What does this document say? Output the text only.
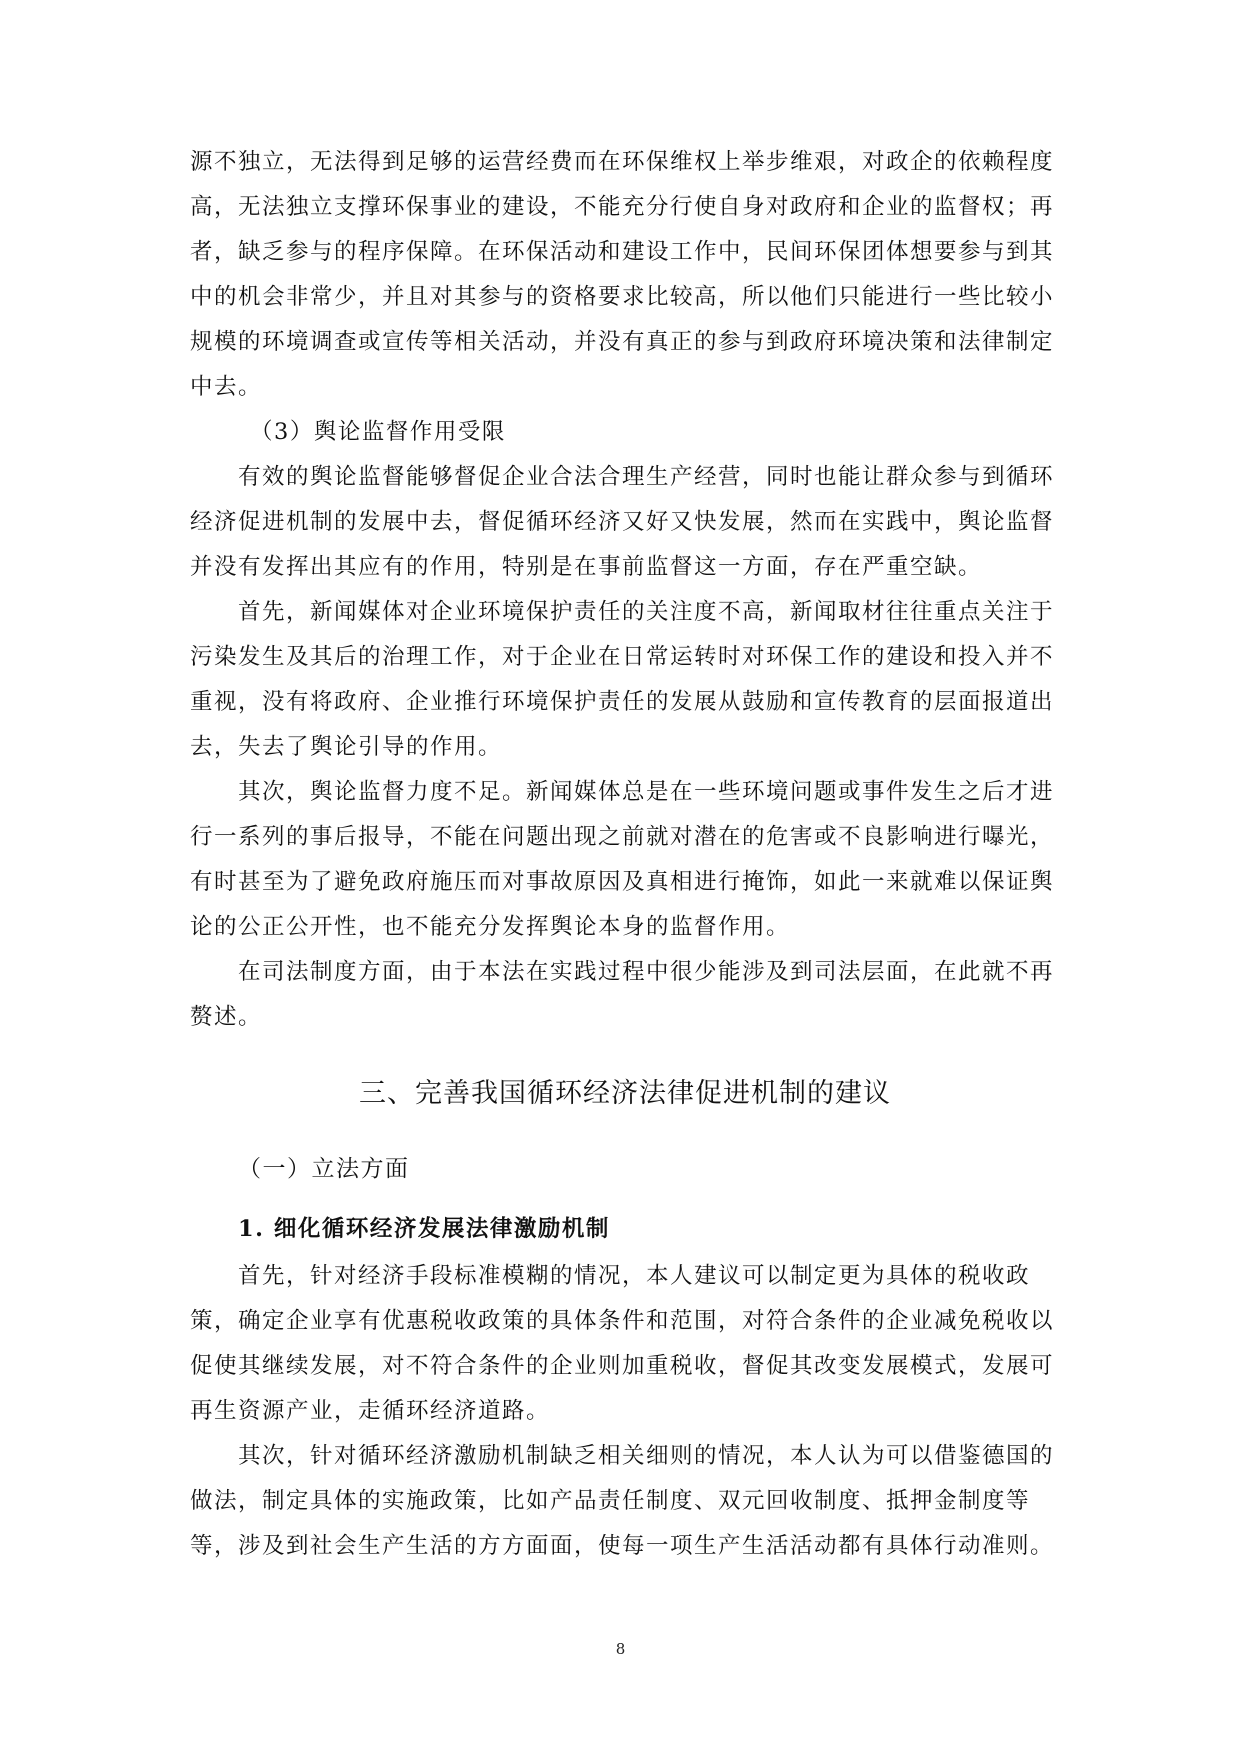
源不独立，无法得到足够的运营经费而在环保维权上举步维艰，对政企的依赖程度高，无法独立支撑环保事业的建设，不能充分行使自身对政府和企业的监督权；再者，缺乏参与的程序保障。在环保活动和建设工作中，民间环保团体想要参与到其中的机会非常少，并且对其参与的资格要求比较高，所以他们只能进行一些比较小规模的环境调查或宣传等相关活动，并没有真正的参与到政府环境决策和法律制定中去。

（3）舆论监督作用受限

有效的舆论监督能够督促企业合法合理生产经营，同时也能让群众参与到循环经济促进机制的发展中去，督促循环经济又好又快发展，然而在实践中，舆论监督并没有发挥出其应有的作用，特别是在事前监督这一方面，存在严重空缺。

首先，新闻媒体对企业环境保护责任的关注度不高，新闻取材往往重点关注于污染发生及其后的治理工作，对于企业在日常运转时对环保工作的建设和投入并不重视，没有将政府、企业推行环境保护责任的发展从鼓励和宣传教育的层面报道出去，失去了舆论引导的作用。

其次，舆论监督力度不足。新闻媒体总是在一些环境问题或事件发生之后才进行一系列的事后报导，不能在问题出现之前就对潜在的危害或不良影响进行曝光，有时甚至为了避免政府施压而对事故原因及真相进行掩饰，如此一来就难以保证舆论的公正公开性，也不能充分发挥舆论本身的监督作用。

在司法制度方面，由于本法在实践过程中很少能涉及到司法层面，在此就不再赘述。

三、完善我国循环经济法律促进机制的建议

（一）立法方面

1. 细化循环经济发展法律激励机制

首先，针对经济手段标准模糊的情况，本人建议可以制定更为具体的税收政策，确定企业享有优惠税收政策的具体条件和范围，对符合条件的企业减免税收以促使其继续发展，对不符合条件的企业则加重税收，督促其改变发展模式，发展可再生资源产业，走循环经济道路。

其次，针对循环经济激励机制缺乏相关细则的情况，本人认为可以借鉴德国的做法，制定具体的实施政策，比如产品责任制度、双元回收制度、抵押金制度等等，涉及到社会生产生活的方方面面，使每一项生产生活活动都有具体行动准则。

8
